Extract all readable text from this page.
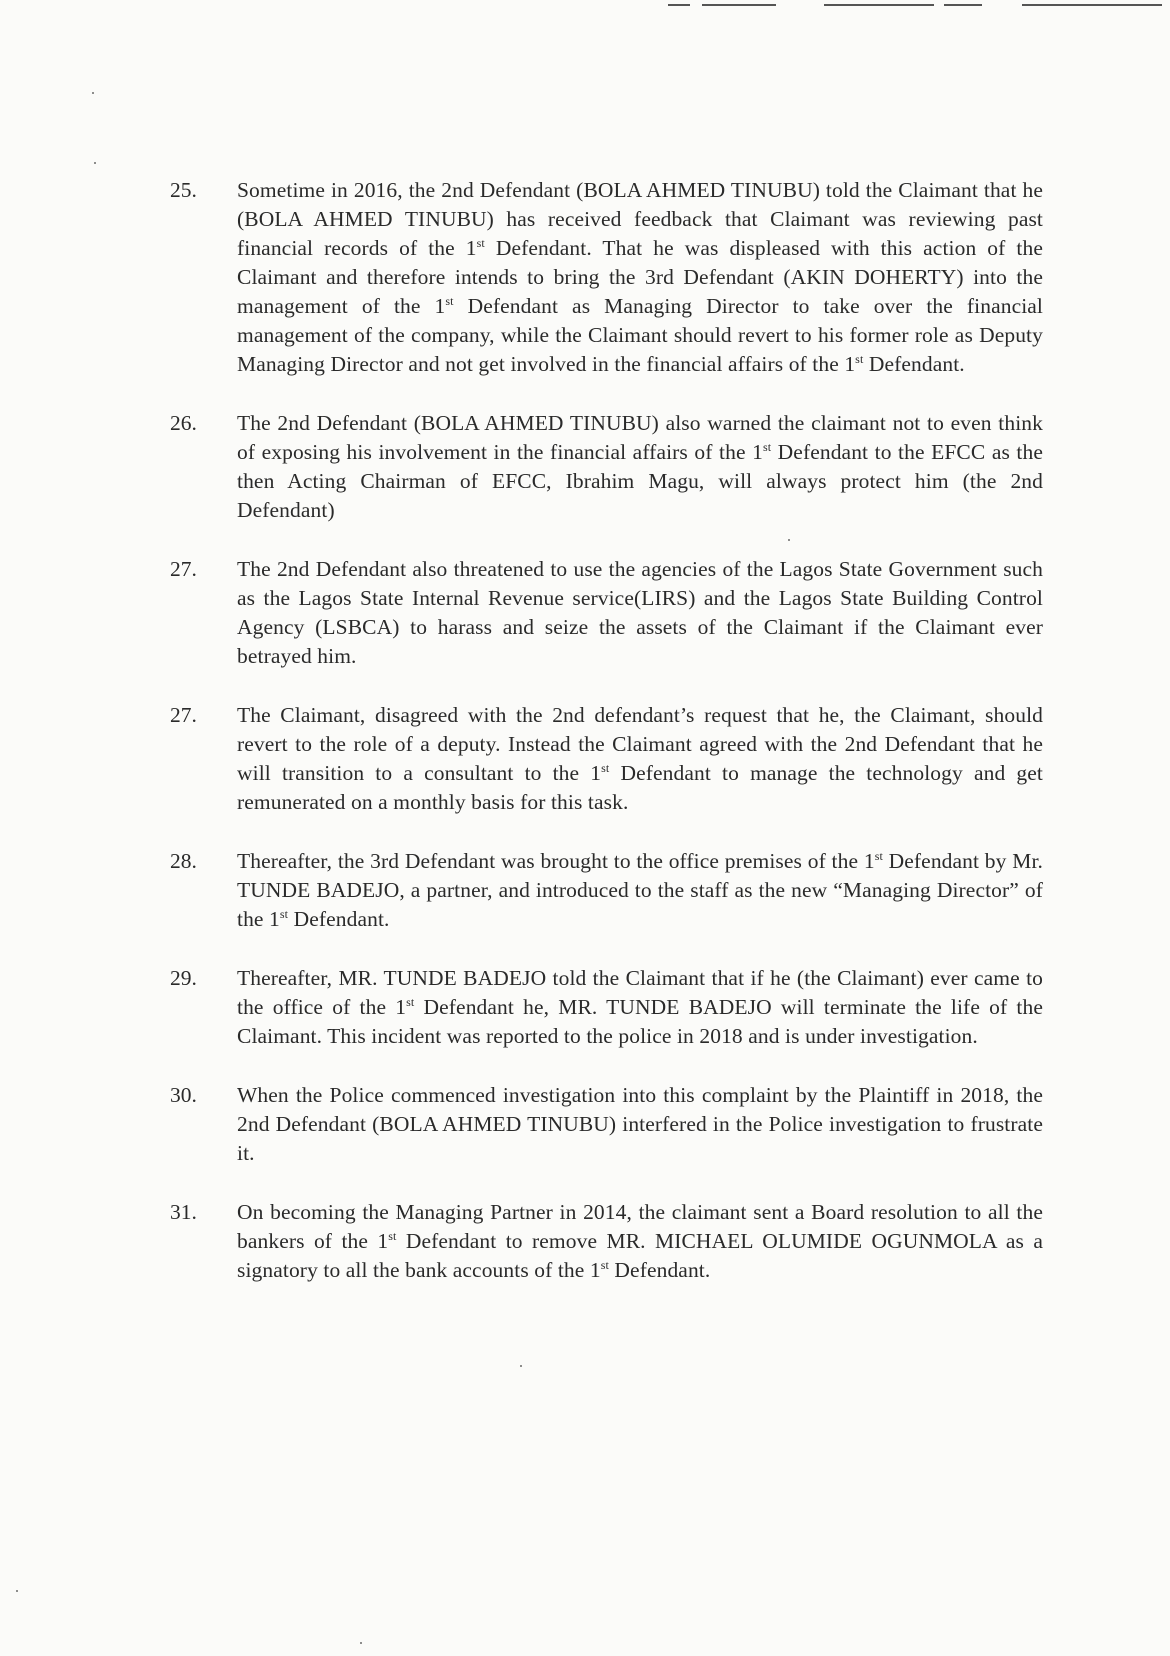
25. Sometime in 2016, the 2nd Defendant (BOLA AHMED TINUBU) told the Claimant that he (BOLA AHMED TINUBU) has received feedback that Claimant was reviewing past financial records of the 1st Defendant. That he was displeased with this action of the Claimant and therefore intends to bring the 3rd Defendant (AKIN DOHERTY) into the management of the 1st Defendant as Managing Director to take over the financial management of the company, while the Claimant should revert to his former role as Deputy Managing Director and not get involved in the financial affairs of the 1st Defendant.
26. The 2nd Defendant (BOLA AHMED TINUBU) also warned the claimant not to even think of exposing his involvement in the financial affairs of the 1st Defendant to the EFCC as the then Acting Chairman of EFCC, Ibrahim Magu, will always protect him (the 2nd Defendant)
27. The 2nd Defendant also threatened to use the agencies of the Lagos State Government such as the Lagos State Internal Revenue service(LIRS) and the Lagos State Building Control Agency (LSBCA) to harass and seize the assets of the Claimant if the Claimant ever betrayed him.
27. The Claimant, disagreed with the 2nd defendant’s request that he, the Claimant, should revert to the role of a deputy. Instead the Claimant agreed with the 2nd Defendant that he will transition to a consultant to the 1st Defendant to manage the technology and get remunerated on a monthly basis for this task.
28. Thereafter, the 3rd Defendant was brought to the office premises of the 1st Defendant by Mr. TUNDE BADEJO, a partner, and introduced to the staff as the new “Managing Director” of the 1st Defendant.
29. Thereafter, MR. TUNDE BADEJO told the Claimant that if he (the Claimant) ever came to the office of the 1st Defendant he, MR. TUNDE BADEJO will terminate the life of the Claimant. This incident was reported to the police in 2018 and is under investigation.
30. When the Police commenced investigation into this complaint by the Plaintiff in 2018, the 2nd Defendant (BOLA AHMED TINUBU) interfered in the Police investigation to frustrate it.
31. On becoming the Managing Partner in 2014, the claimant sent a Board resolution to all the bankers of the 1st Defendant to remove MR. MICHAEL OLUMIDE OGUNMOLA as a signatory to all the bank accounts of the 1st Defendant.
